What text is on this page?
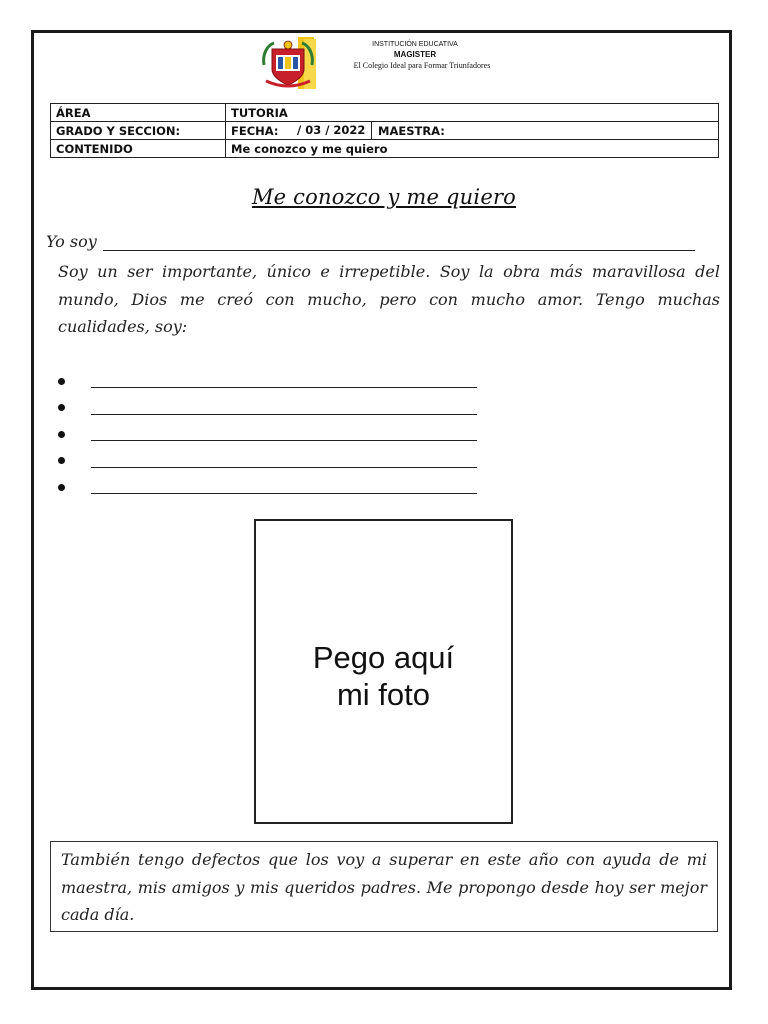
INSTITUCIÓN EDUCATIVA
MAGISTER
El Colegio Ideal para Formar Triunfadores
ÁREA	TUTORIA
GRADO Y SECCION:	FECHA: / 03 / 2022 MAESTRA:

CONTENIDO	Me conozco y me quiero
Me conozco y me quiero
Yo soy
Soy un ser importante, único e irrepetible. Soy la obra más maravillosa del mundo, Dios me creó con mucho, pero con mucho amor. Tengo muchas cualidades, soy:
Pego aquí
mi foto
También tengo defectos que los voy a superar en este año con ayuda de mi maestra, mis amigos y mis queridos padres. Me propongo desde hoy ser mejor cada día.
